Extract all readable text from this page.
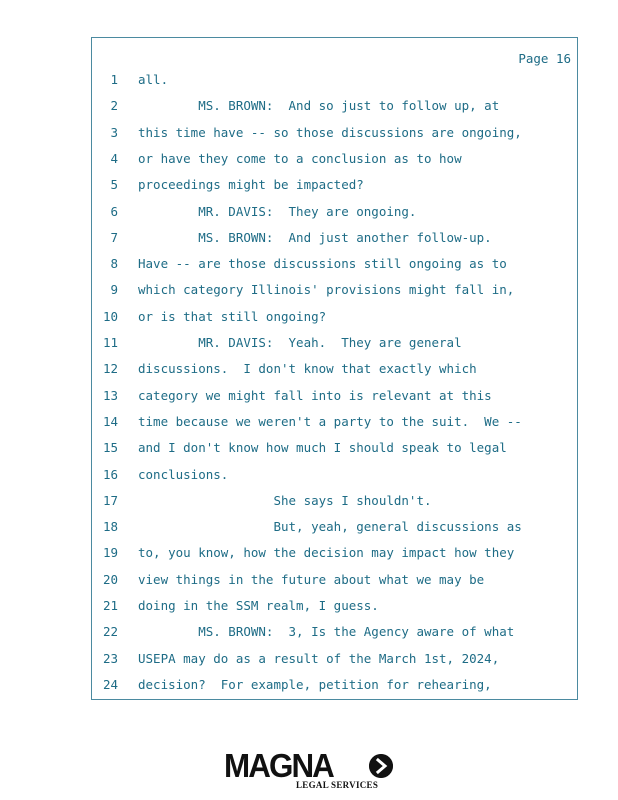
Page 16
1 all.
2 MS. BROWN:  And so just to follow up, at
3 this time have -- so those discussions are ongoing,
4 or have they come to a conclusion as to how
5 proceedings might be impacted?
6 MR. DAVIS:  They are ongoing.
7 MS. BROWN:  And just another follow-up.
8 Have -- are those discussions still ongoing as to
9 which category Illinois' provisions might fall in,
10 or is that still ongoing?
11 MR. DAVIS:  Yeah.  They are general
12 discussions.  I don't know that exactly which
13 category we might fall into is relevant at this
14 time because we weren't a party to the suit.  We --
15 and I don't know how much I should speak to legal
16 conclusions.
17 She says I shouldn't.
18 But, yeah, general discussions as
19 to, you know, how the decision may impact how they
20 view things in the future about what we may be
21 doing in the SSM realm, I guess.
22 MS. BROWN:  3, Is the Agency aware of what
23 USEPA may do as a result of the March 1st, 2024,
24 decision?  For example, petition for rehearing,
MAGNA
LEGAL SERVICES
